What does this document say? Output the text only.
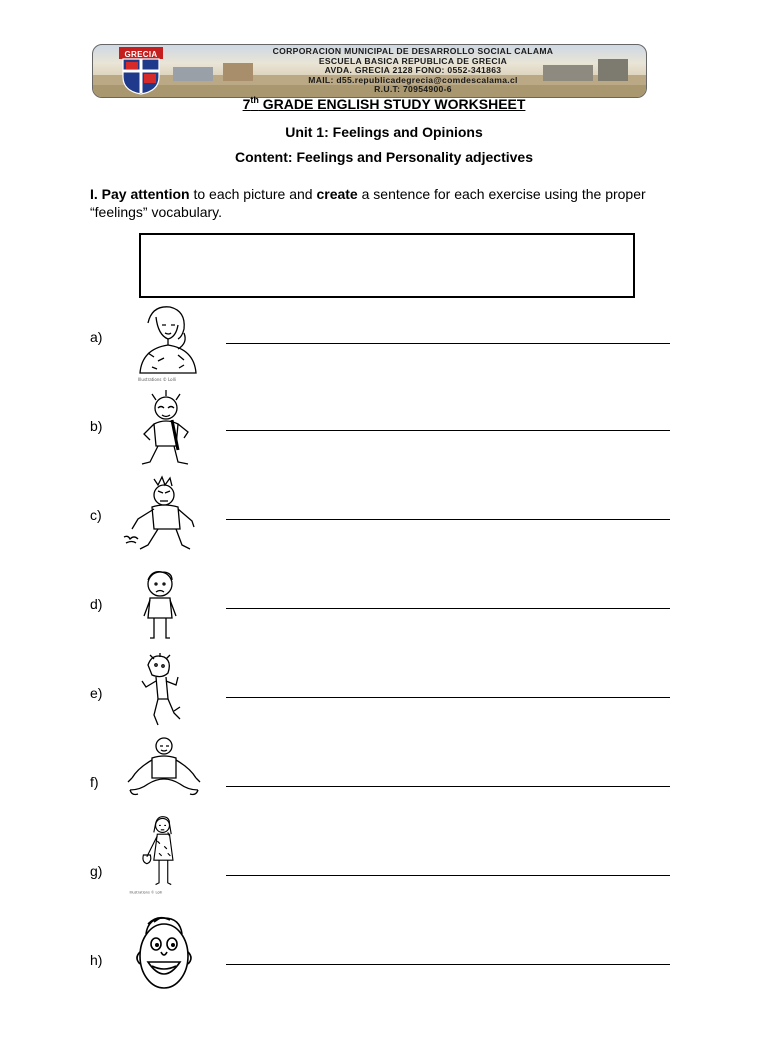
GRECIA	CORPORACION MUNICIPAL DE DESARROLLO SOCIAL CALAMA
ESCUELA BASICA REPUBLICA DE GRECIA
AVDA. GRECIA 2128 FONO: 0552-341863
MAIL: d55.republicadegrecia@comdescalama.cl
R.U.T: 70954900-6
7th GRADE ENGLISH STUDY WORKSHEET
Unit 1: Feelings and Opinions
Content: Feelings and Personality adjectives
I. Pay attention to each picture and create a sentence for each exercise using the proper “feelings” vocabulary.
a)
Illustrations © Lolli
b)
c)
d)
e)
f)
g)
Illustrations © Lolli
h)
